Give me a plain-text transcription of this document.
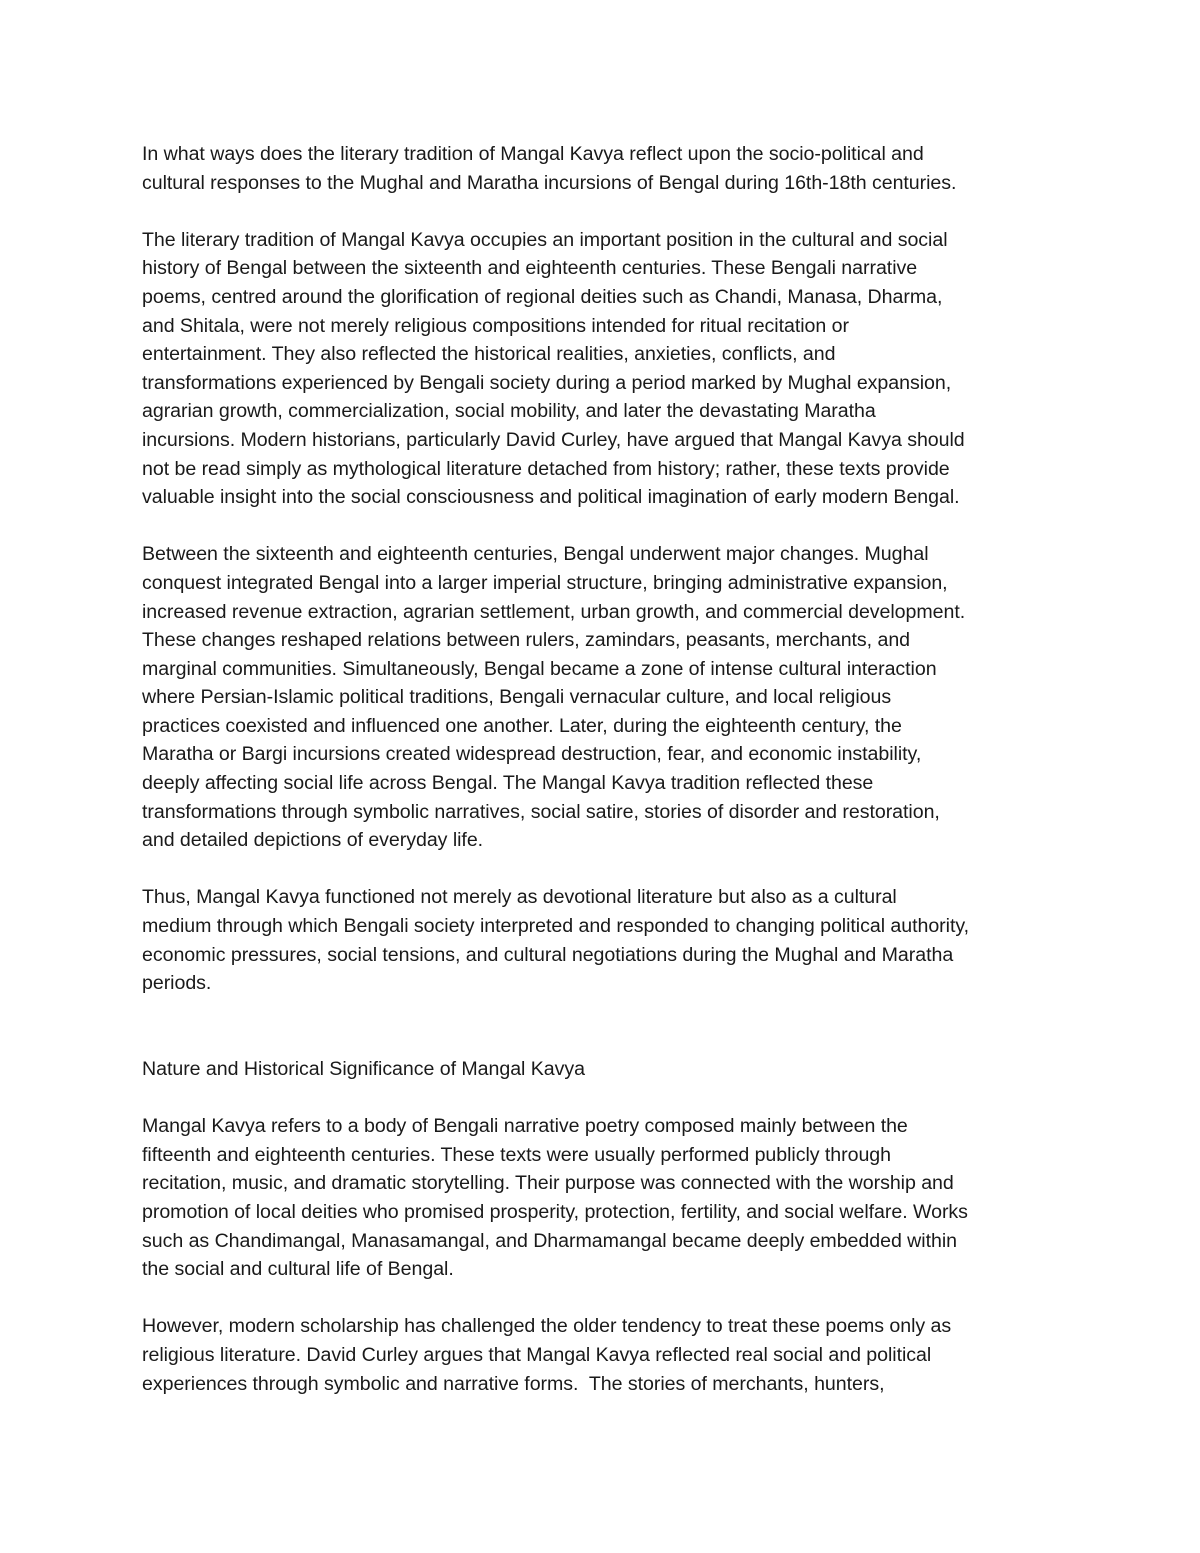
In what ways does the literary tradition of Mangal Kavya reflect upon the socio-political and
cultural responses to the Mughal and Maratha incursions of Bengal during 16th-18th centuries.

The literary tradition of Mangal Kavya occupies an important position in the cultural and social
history of Bengal between the sixteenth and eighteenth centuries. These Bengali narrative
poems, centred around the glorification of regional deities such as Chandi, Manasa, Dharma,
and Shitala, were not merely religious compositions intended for ritual recitation or
entertainment. They also reflected the historical realities, anxieties, conflicts, and
transformations experienced by Bengali society during a period marked by Mughal expansion,
agrarian growth, commercialization, social mobility, and later the devastating Maratha
incursions. Modern historians, particularly David Curley, have argued that Mangal Kavya should
not be read simply as mythological literature detached from history; rather, these texts provide
valuable insight into the social consciousness and political imagination of early modern Bengal.

Between the sixteenth and eighteenth centuries, Bengal underwent major changes. Mughal
conquest integrated Bengal into a larger imperial structure, bringing administrative expansion,
increased revenue extraction, agrarian settlement, urban growth, and commercial development.
These changes reshaped relations between rulers, zamindars, peasants, merchants, and
marginal communities. Simultaneously, Bengal became a zone of intense cultural interaction
where Persian-Islamic political traditions, Bengali vernacular culture, and local religious
practices coexisted and influenced one another. Later, during the eighteenth century, the
Maratha or Bargi incursions created widespread destruction, fear, and economic instability,
deeply affecting social life across Bengal. The Mangal Kavya tradition reflected these
transformations through symbolic narratives, social satire, stories of disorder and restoration,
and detailed depictions of everyday life.

Thus, Mangal Kavya functioned not merely as devotional literature but also as a cultural
medium through which Bengali society interpreted and responded to changing political authority,
economic pressures, social tensions, and cultural negotiations during the Mughal and Maratha
periods.

Nature and Historical Significance of Mangal Kavya

Mangal Kavya refers to a body of Bengali narrative poetry composed mainly between the
fifteenth and eighteenth centuries. These texts were usually performed publicly through
recitation, music, and dramatic storytelling. Their purpose was connected with the worship and
promotion of local deities who promised prosperity, protection, fertility, and social welfare. Works
such as Chandimangal, Manasamangal, and Dharmamangal became deeply embedded within
the social and cultural life of Bengal.

However, modern scholarship has challenged the older tendency to treat these poems only as
religious literature. David Curley argues that Mangal Kavya reflected real social and political
experiences through symbolic and narrative forms.  The stories of merchants, hunters,
